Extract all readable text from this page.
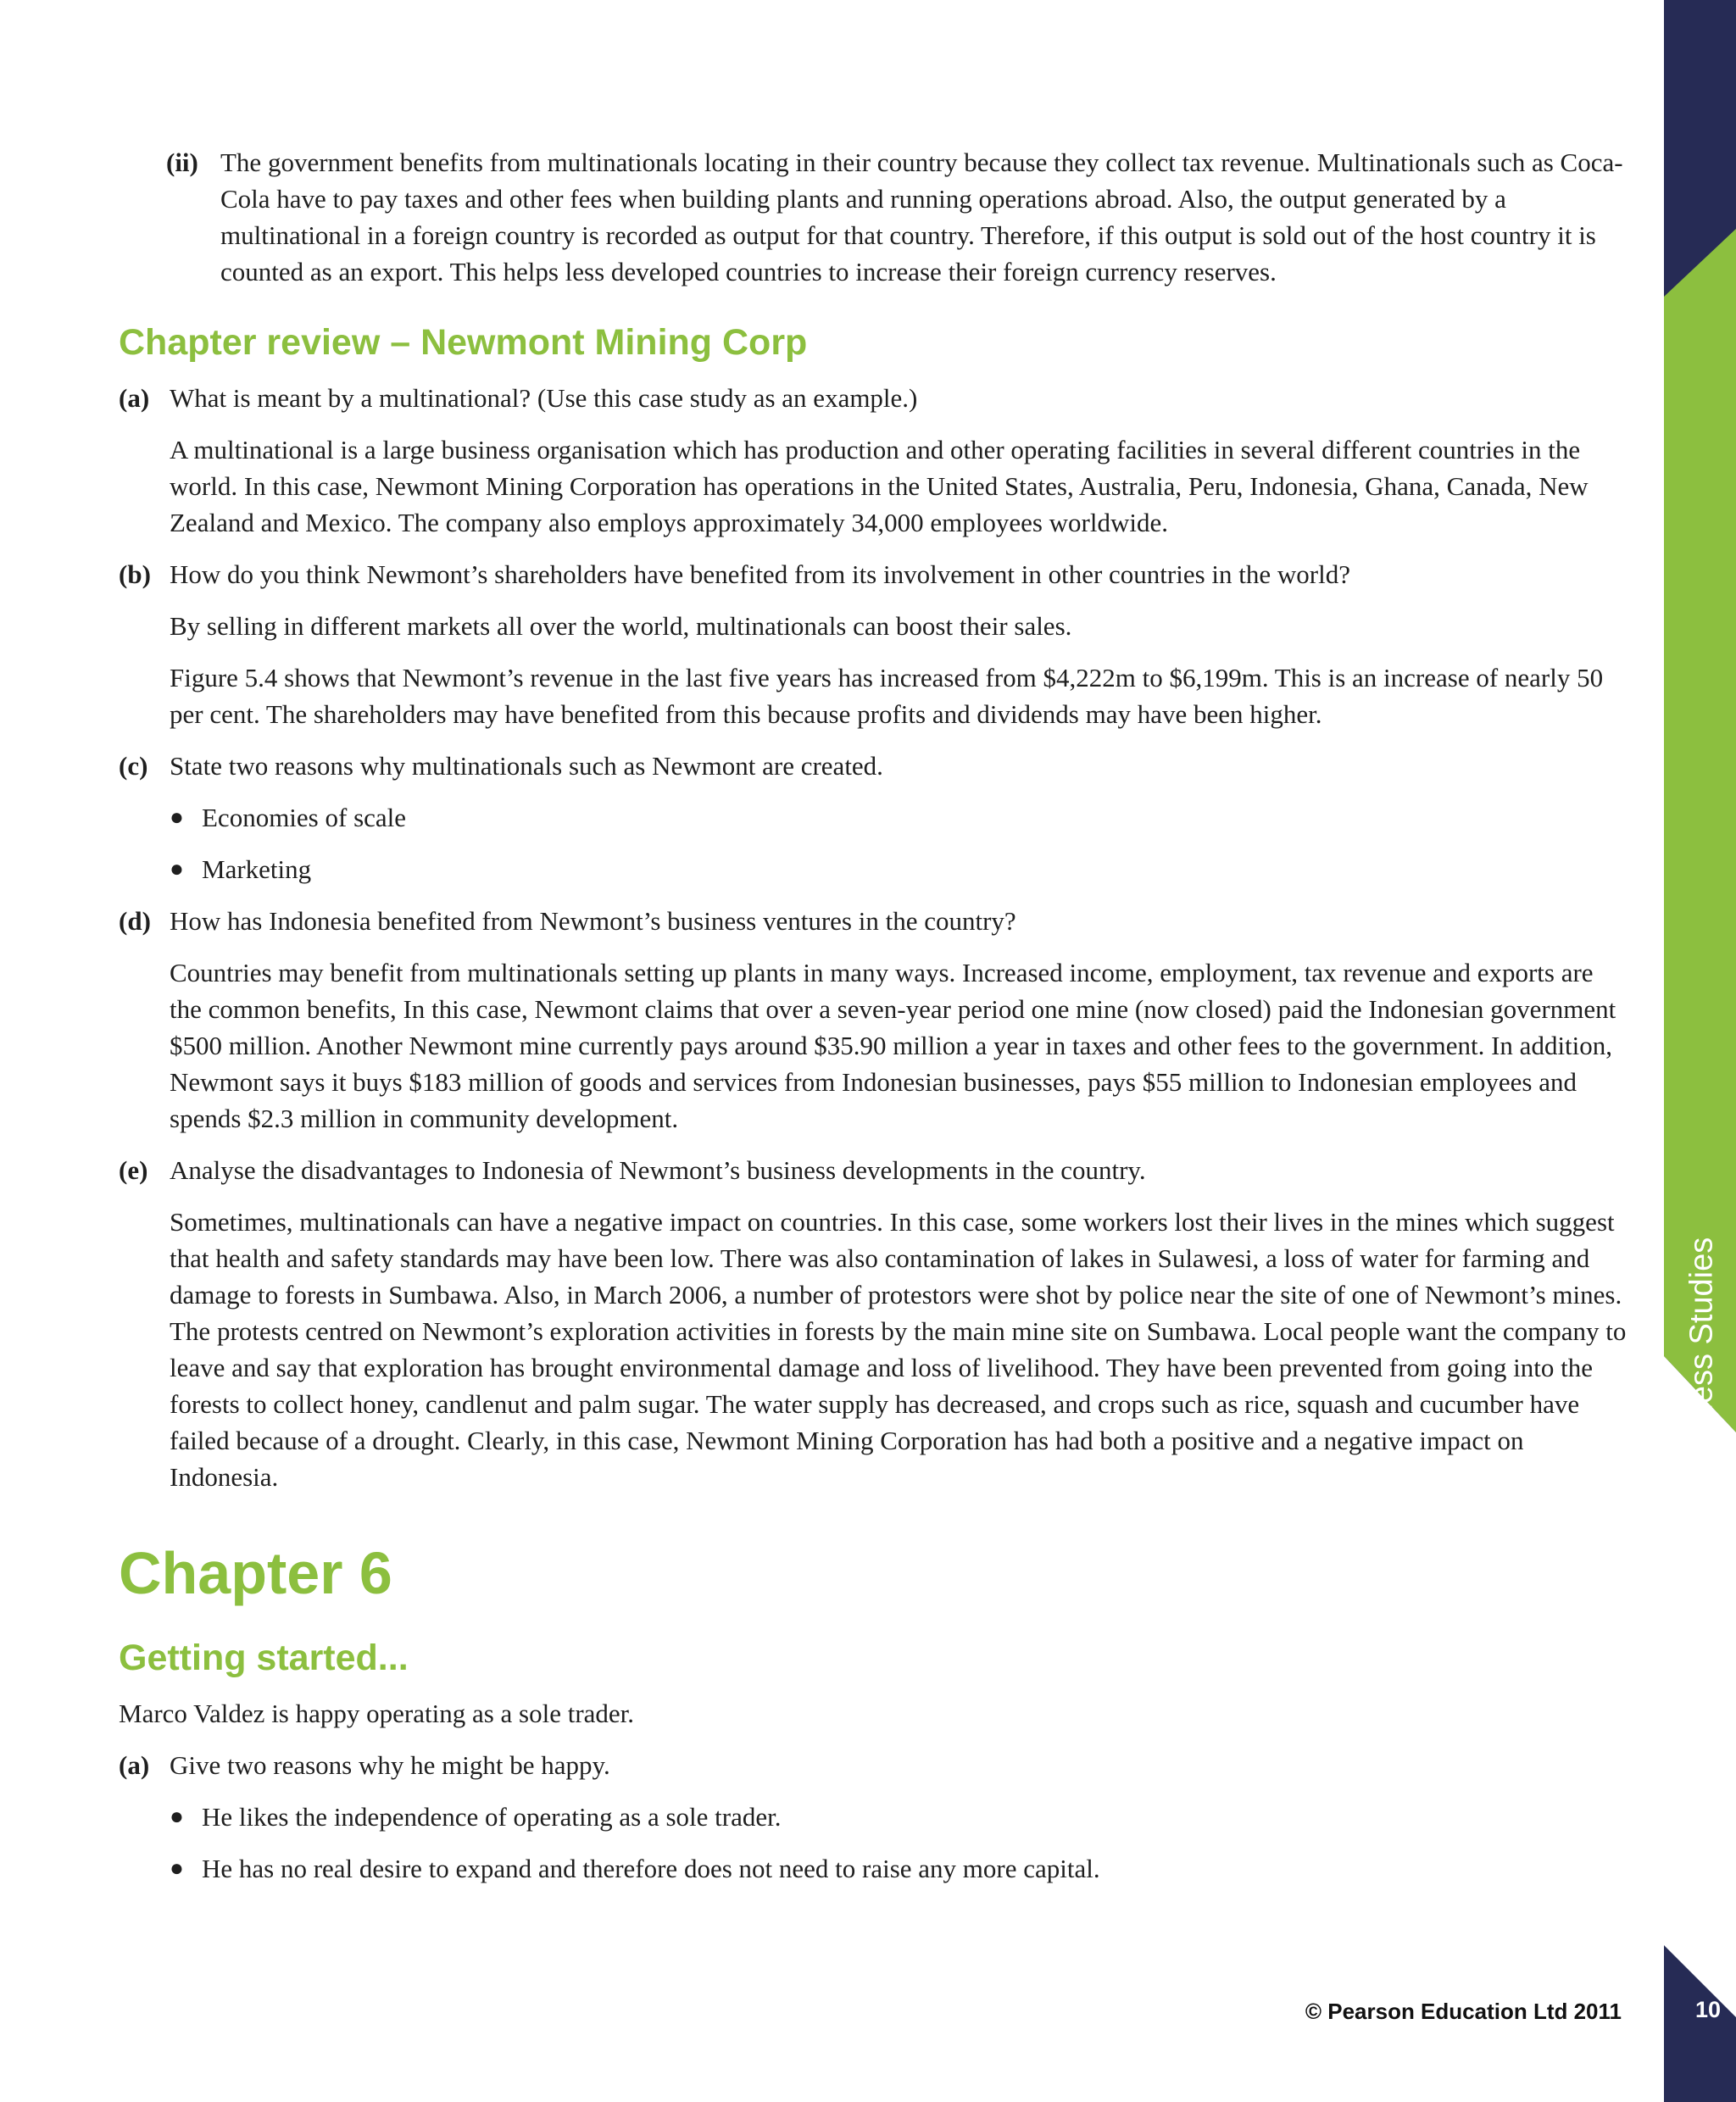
Business Studies
(ii) The government benefits from multinationals locating in their country because they collect tax revenue. Multinationals such as Coca-Cola have to pay taxes and other fees when building plants and running operations abroad. Also, the output generated by a multinational in a foreign country is recorded as output for that country. Therefore, if this output is sold out of the host country it is counted as an export. This helps less developed countries to increase their foreign currency reserves.
Chapter review – Newmont Mining Corp
(a) What is meant by a multinational? (Use this case study as an example.)
A multinational is a large business organisation which has production and other operating facilities in several different countries in the world. In this case, Newmont Mining Corporation has operations in the United States, Australia, Peru, Indonesia, Ghana, Canada, New Zealand and Mexico. The company also employs approximately 34,000 employees worldwide.
(b) How do you think Newmont’s shareholders have benefited from its involvement in other countries in the world?
By selling in different markets all over the world, multinationals can boost their sales.
Figure 5.4 shows that Newmont’s revenue in the last five years has increased from $4,222m to $6,199m. This is an increase of nearly 50 per cent. The shareholders may have benefited from this because profits and dividends may have been higher.
(c) State two reasons why multinationals such as Newmont are created.
● Economies of scale
● Marketing
(d) How has Indonesia benefited from Newmont’s business ventures in the country?
Countries may benefit from multinationals setting up plants in many ways. Increased income, employment, tax revenue and exports are the common benefits, In this case, Newmont claims that over a seven-year period one mine (now closed) paid the Indonesian government $500 million. Another Newmont mine currently pays around $35.90 million a year in taxes and other fees to the government. In addition, Newmont says it buys $183 million of goods and services from Indonesian businesses, pays $55 million to Indonesian employees and spends $2.3 million in community development.
(e) Analyse the disadvantages to Indonesia of Newmont’s business developments in the country.
Sometimes, multinationals can have a negative impact on countries. In this case, some workers lost their lives in the mines which suggest that health and safety standards may have been low. There was also contamination of lakes in Sulawesi, a loss of water for farming and damage to forests in Sumbawa. Also, in March 2006, a number of protestors were shot by police near the site of one of Newmont’s mines. The protests centred on Newmont’s exploration activities in forests by the main mine site on Sumbawa. Local people want the company to leave and say that exploration has brought environmental damage and loss of livelihood. They have been prevented from going into the forests to collect honey, candlenut and palm sugar. The water supply has decreased, and crops such as rice, squash and cucumber have failed because of a drought. Clearly, in this case, Newmont Mining Corporation has had both a positive and a negative impact on Indonesia.
Chapter 6
Getting started...
Marco Valdez is happy operating as a sole trader.
(a) Give two reasons why he might be happy.
● He likes the independence of operating as a sole trader.
● He has no real desire to expand and therefore does not need to raise any more capital.
© Pearson Education Ltd 2011	10
